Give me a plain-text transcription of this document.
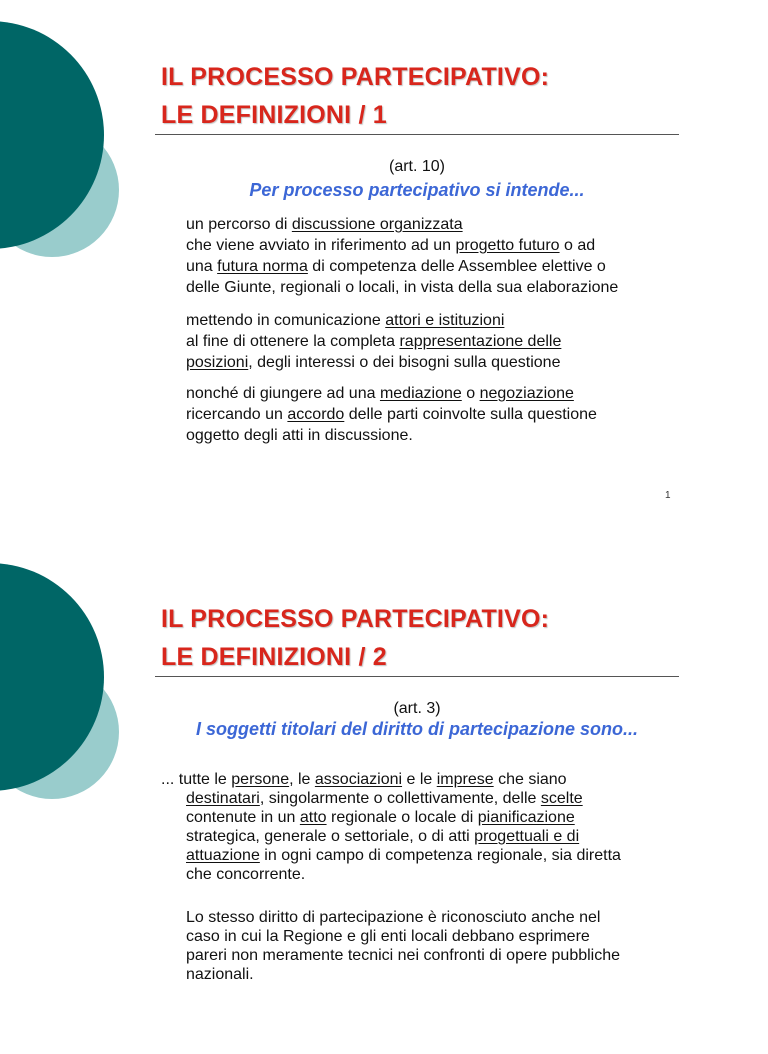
IL PROCESSO PARTECIPATIVO:
LE DEFINIZIONI / 1
(art. 10)
Per processo partecipativo si intende...
un percorso di discussione organizzata
che viene avviato in riferimento ad un progetto futuro o ad
una futura norma di competenza delle Assemblee elettive o
delle Giunte, regionali o locali, in vista della sua elaborazione
mettendo in comunicazione attori e istituzioni
al fine di ottenere la completa rappresentazione delle
posizioni, degli interessi o dei bisogni sulla questione
nonché di giungere ad una mediazione o negoziazione
ricercando un accordo delle parti coinvolte sulla questione
oggetto degli atti in discussione.
1
IL PROCESSO PARTECIPATIVO:
LE DEFINIZIONI / 2
(art. 3)
I soggetti titolari del diritto di partecipazione sono...
... tutte le persone, le associazioni e le imprese che siano
destinatari, singolarmente o collettivamente, delle scelte
contenute in un atto regionale o locale di pianificazione
strategica, generale o settoriale, o di atti progettuali e di
attuazione in ogni campo di competenza regionale, sia diretta
che concorrente.
Lo stesso diritto di partecipazione è riconosciuto anche nel
caso in cui la Regione e gli enti locali debbano esprimere
pareri non meramente tecnici nei confronti di opere pubbliche
nazionali.
